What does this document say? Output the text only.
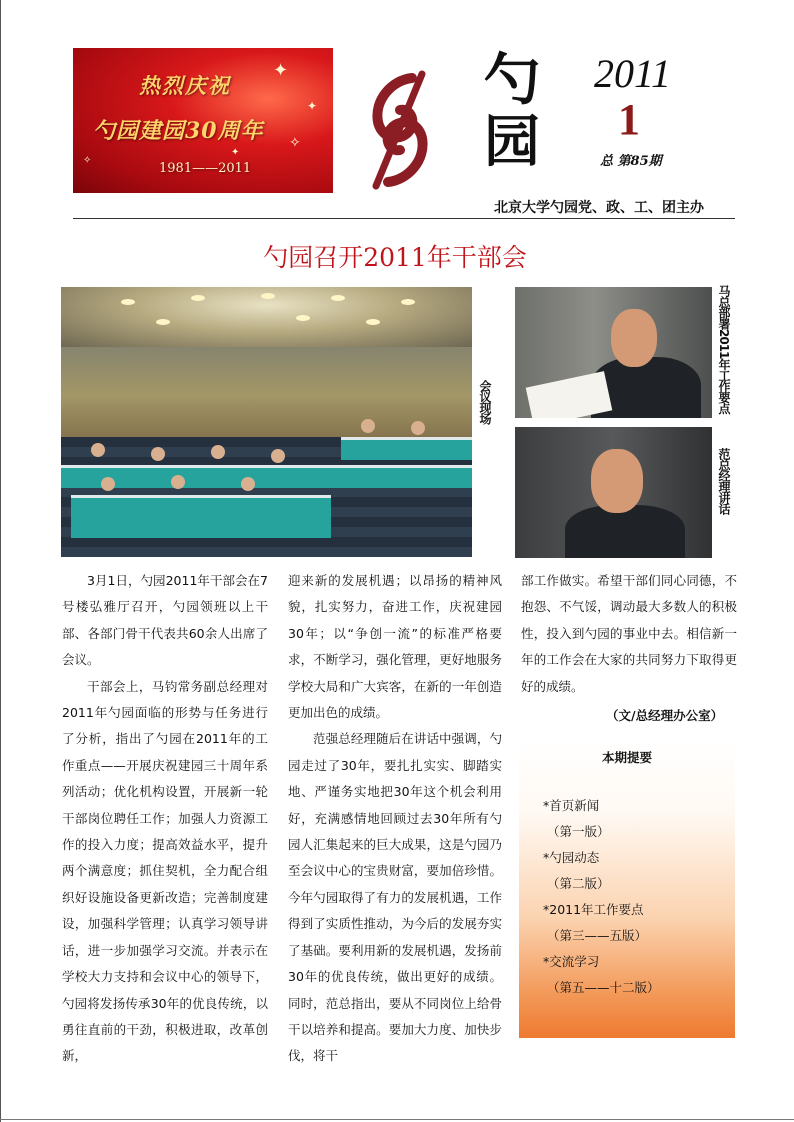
✦
✦
✧
✦
✧
热烈庆祝
勺园建园30周年
1981——2011
勺
园
2011
1
总 第85期
北京大学勺园党、政、工、团主办
勺园召开2011年干部会
会议现场	马总部署2011年工作要点
范总经理讲话

3月1日，勺园2011年干部会在7号楼弘雅厅召开，勺园领班以上干部、各部门骨干代表共60余人出席了会议。

干部会上，马钧常务副总经理对2011年勺园面临的形势与任务进行了分析，指出了勺园在2011年的工作重点——开展庆祝建园三十周年系列活动；优化机构设置，开展新一轮干部岗位聘任工作；加强人力资源工作的投入力度；提高效益水平，提升两个满意度；抓住契机，全力配合组织好设施设备更新改造；完善制度建设，加强科学管理；认真学习领导讲话，进一步加强学习交流。并表示在学校大力支持和会议中心的领导下，勺园将发扬传承30年的优良传统，以勇往直前的干劲，积极进取，改革创新，

迎来新的发展机遇；以昂扬的精神风貌，扎实努力，奋进工作，庆祝建园30年；以“争创一流”的标准严格要求，不断学习，强化管理，更好地服务学校大局和广大宾客，在新的一年创造更加出色的成绩。

范强总经理随后在讲话中强调，勺园走过了30年，要扎扎实实、脚踏实地、严谨务实地把30年这个机会利用好，充满感情地回顾过去30年所有勺园人汇集起来的巨大成果，这是勺园乃至会议中心的宝贵财富，要加倍珍惜。今年勺园取得了有力的发展机遇，工作得到了实质性推动，为今后的发展夯实了基础。要利用新的发展机遇，发扬前30年的优良传统，做出更好的成绩。同时，范总指出，要从不同岗位上给骨干以培养和提高。要加大力度、加快步伐，将干

部工作做实。希望干部们同心同德，不抱怨、不气馁，调动最大多数人的积极性，投入到勺园的事业中去。相信新一年的工作会在大家的共同努力下取得更好的成绩。

（文/总经理办公室）
本期提要
*首页新闻
（第一版）
*勺园动态
（第二版）
*2011年工作要点
（第三——五版）
*交流学习
（第五——十二版）
